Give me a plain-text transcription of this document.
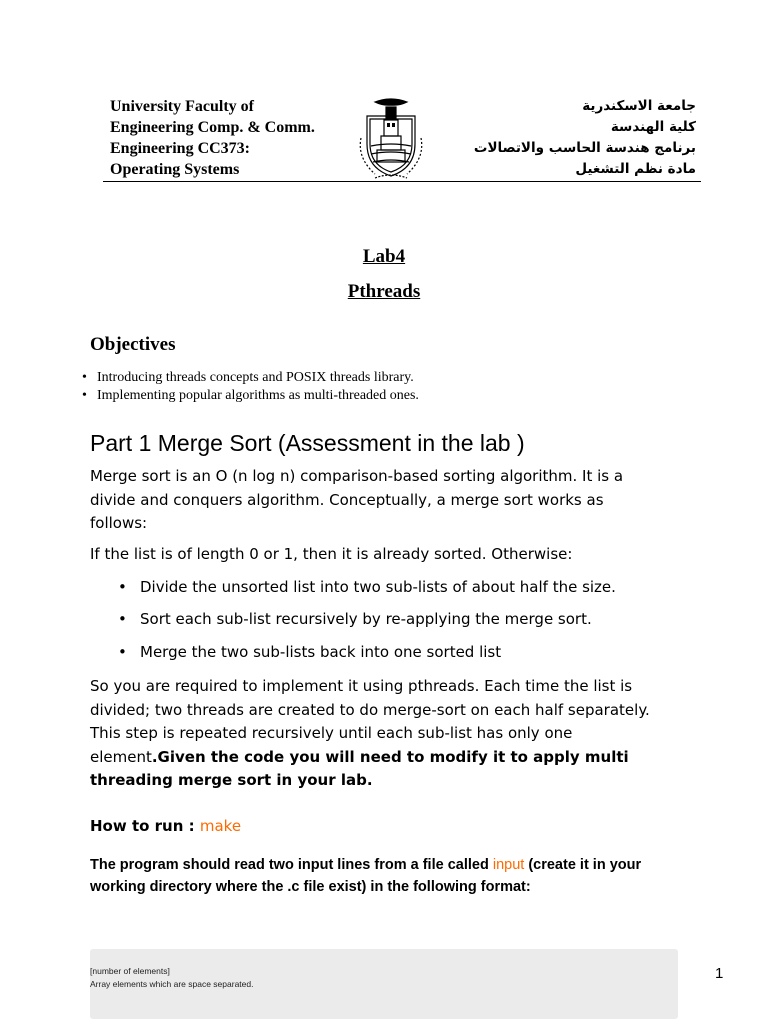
University Faculty of
Engineering Comp. & Comm.
Engineering CC373:
Operating Systems
جامعة الاسكندرية
كلية الهندسة
برنامج هندسة الحاسب والاتصالات
مادة نظم التشغيل
Lab4
Pthreads
Objectives
• Introducing threads concepts and POSIX threads library.
• Implementing popular algorithms as multi-threaded ones.
Part 1 Merge Sort (Assessment in the lab )
Merge sort is an O (n log n) comparison-based sorting algorithm. It is a divide and conquers algorithm. Conceptually, a merge sort works as follows:
If the list is of length 0 or 1, then it is already sorted. Otherwise:
• Divide the unsorted list into two sub-lists of about half the size.
• Sort each sub-list recursively by re-applying the merge sort.
• Merge the two sub-lists back into one sorted list
So you are required to implement it using pthreads. Each time the list is divided; two threads are created to do merge-sort on each half separately. This step is repeated recursively until each sub-list has only one element.Given the code you will need to modify it to apply multi threading merge sort in your lab.
How to run : make
The program should read two input lines from a file called input (create it in your working directory where the .c file exist) in the following format:
[number of elements]
Array elements which are space separated.
1
